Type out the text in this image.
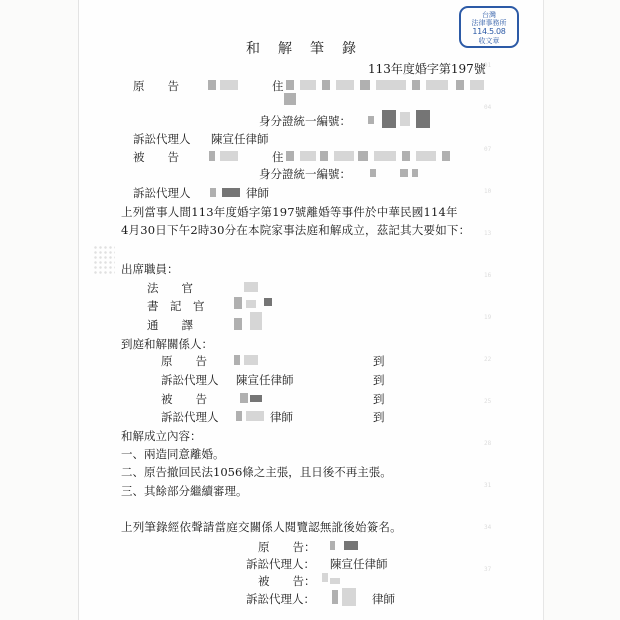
01
04
07
10
13
16
19
22
25
28
31
34
37
台灣
法律事務所
114.5.08
收文章
和　解　筆　錄
113年度婚字第197號
原　　告	住
身分證統一編號：
訴訟代理人 陳宣任律師
被　　告	住
身分證統一編號：
訴訟代理人	律師
上列當事人間113年度婚字第197號離婚等事件於中華民國114年
4月30日下午2時30分在本院家事法庭和解成立，茲記其大要如下：
出席職員：
法　　官
書　記　官
通　　譯
到庭和解關係人：
原　　告	到
訴訟代理人 陳宣任律師	到
被　　告	到
訴訟代理人	律師	到
和解成立內容：
一、兩造同意離婚。
二、原告撤回民法1056條之主張，且日後不再主張。
三、其餘部分繼續審理。
上列筆錄經依聲請當庭交關係人閱覽認無訛後始簽名。
原　　告：
訴訟代理人： 陳宣任律師
被　　告：
訴訟代理人：	律師
